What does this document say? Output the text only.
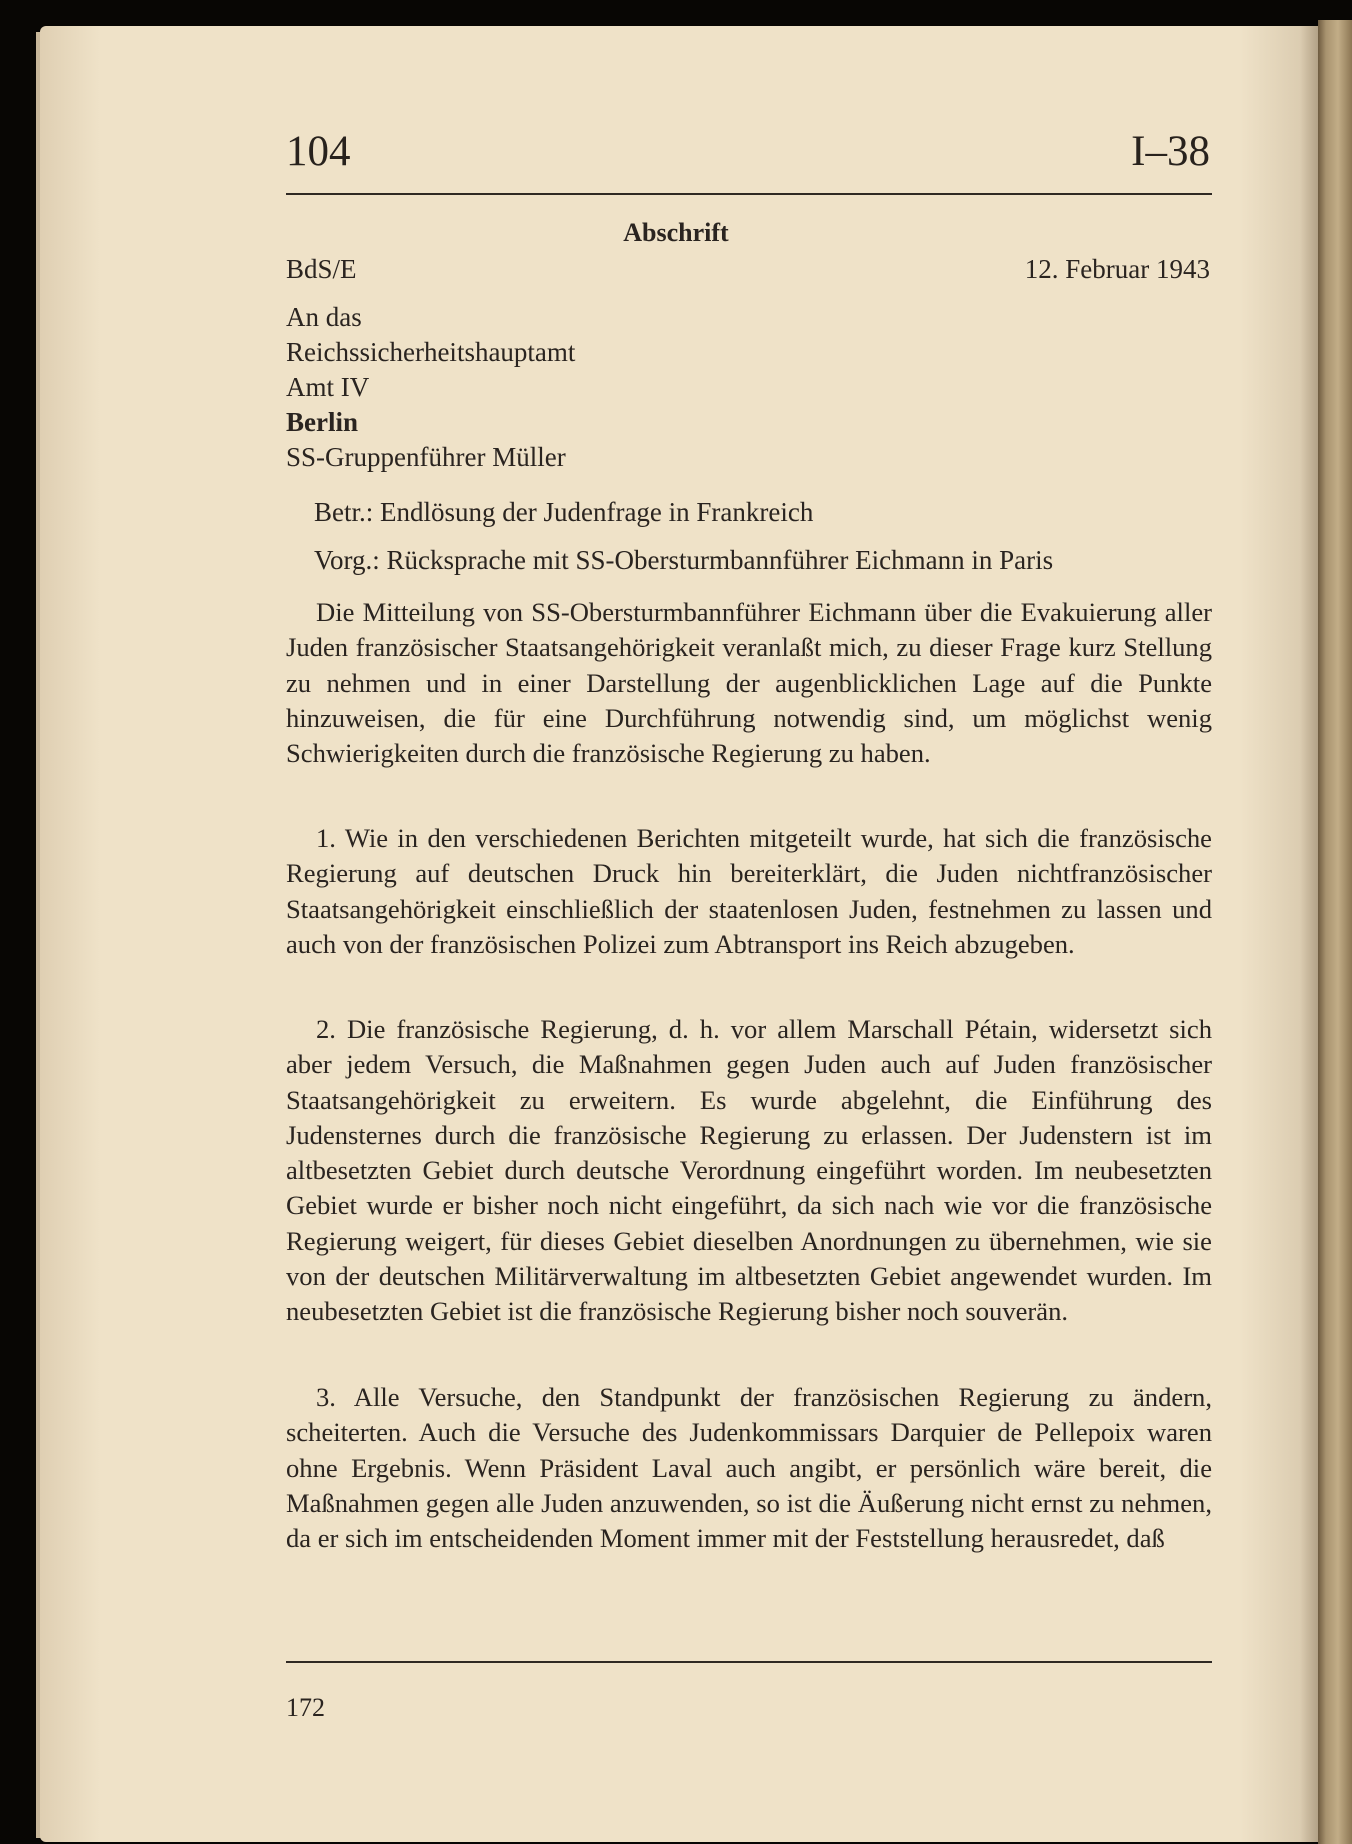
104	I–38
Abschrift
BdS/E	12. Februar 1943
An das
Reichssicherheitshauptamt
Amt IV
Berlin
SS-Gruppenführer Müller
Betr.: Endlösung der Judenfrage in Frankreich
Vorg.: Rücksprache mit SS-Obersturmbannführer Eichmann in Paris

Die Mitteilung von SS-Obersturmbannführer Eichmann über die Evakuierung aller Juden französischer Staatsangehörigkeit veranlaßt mich, zu dieser Frage kurz Stellung zu nehmen und in einer Darstellung der augenblicklichen Lage auf die Punkte hinzuweisen, die für eine Durchführung notwendig sind, um möglichst wenig Schwierigkeiten durch die französische Regierung zu haben.

1. Wie in den verschiedenen Berichten mitgeteilt wurde, hat sich die französische Regierung auf deutschen Druck hin bereiterklärt, die Juden nichtfranzösischer Staatsangehörigkeit einschließlich der staatenlosen Juden, festnehmen zu lassen und auch von der französischen Polizei zum Abtransport ins Reich abzugeben.

2. Die französische Regierung, d. h. vor allem Marschall Pétain, widersetzt sich aber jedem Versuch, die Maßnahmen gegen Juden auch auf Juden französischer Staatsangehörigkeit zu erweitern. Es wurde abgelehnt, die Einführung des Judensternes durch die französische Regierung zu erlassen. Der Judenstern ist im altbesetzten Gebiet durch deutsche Verordnung eingeführt worden. Im neubesetzten Gebiet wurde er bisher noch nicht eingeführt, da sich nach wie vor die französische Regierung weigert, für dieses Gebiet dieselben Anordnungen zu übernehmen, wie sie von der deutschen Militärverwaltung im altbesetzten Gebiet angewendet wurden. Im neubesetzten Gebiet ist die französische Regierung bisher noch souverän.

3. Alle Versuche, den Standpunkt der französischen Regierung zu ändern, scheiterten. Auch die Versuche des Judenkommissars Darquier de Pellepoix waren ohne Ergebnis. Wenn Präsident Laval auch angibt, er persönlich wäre bereit, die Maßnahmen gegen alle Juden anzuwenden, so ist die Äußerung nicht ernst zu nehmen, da er sich im entscheidenden Moment immer mit der Feststellung herausredet, daß

172
